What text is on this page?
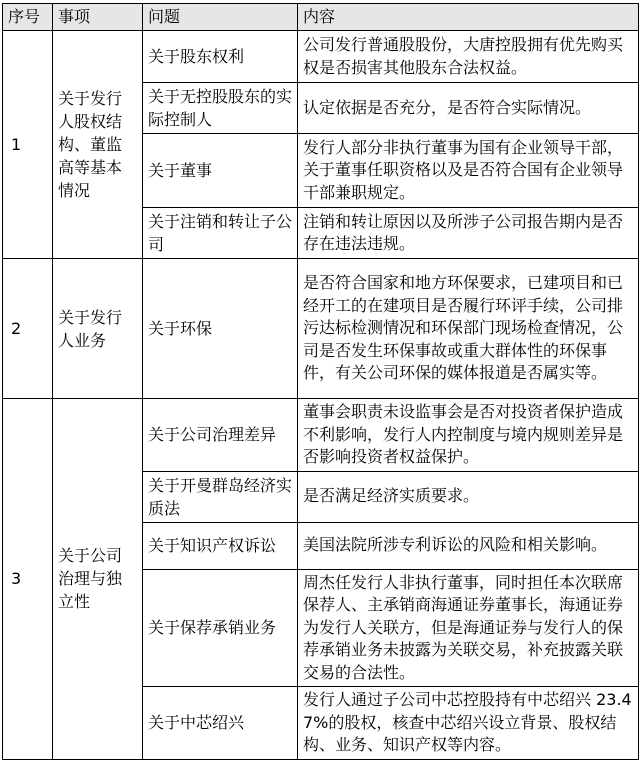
序号	事项	问题	内容
1	关于发行人股权结构、董监高等基本情况	关于股东权利	公司发行普通股股份，大唐控股拥有优先购买权是否损害其他股东合法权益。
		关于无控股股东的实际控制人	认定依据是否充分，是否符合实际情况。
		关于董事	发行人部分非执行董事为国有企业领导干部，关于董事任职资格以及是否符合国有企业领导干部兼职规定。
		关于注销和转让子公司	注销和转让原因以及所涉子公司报告期内是否存在违法违规。
2	关于发行人业务	关于环保	是否符合国家和地方环保要求，已建项目和已经开工的在建项目是否履行环评手续，公司排污达标检测情况和环保部门现场检查情况，公司是否发生环保事故或重大群体性的环保事件，有关公司环保的媒体报道是否属实等。
3	关于公司治理与独立性	关于公司治理差异	董事会职责未设监事会是否对投资者保护造成不利影响，发行人内控制度与境内规则差异是否影响投资者权益保护。
		关于开曼群岛经济实质法	是否满足经济实质要求。
		关于知识产权诉讼	美国法院所涉专利诉讼的风险和相关影响。
		关于保荐承销业务	周杰任发行人非执行董事，同时担任本次联席保荐人、主承销商海通证券董事长，海通证券为发行人关联方，但是海通证券与发行人的保荐承销业务未披露为关联交易，补充披露关联交易的合法性。
		关于中芯绍兴	发行人通过子公司中芯控股持有中芯绍兴 23.47%的股权，核查中芯绍兴设立背景、股权结构、业务、知识产权等内容。
